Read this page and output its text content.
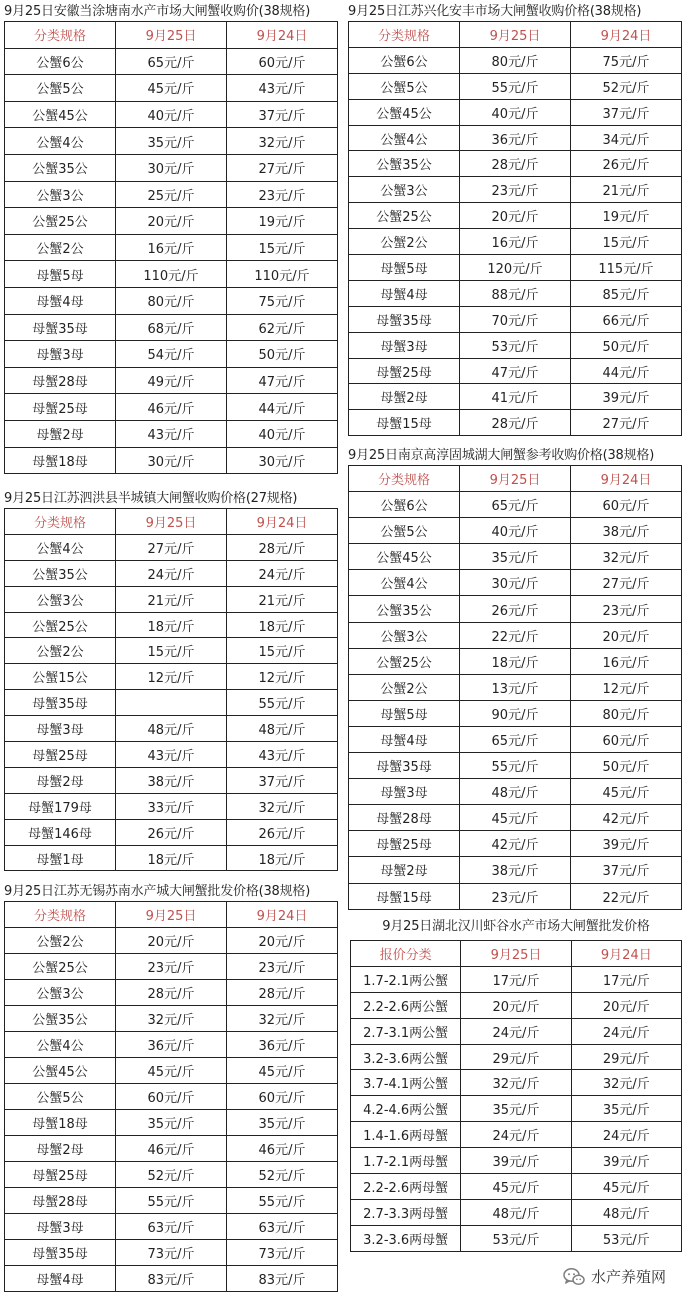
9月25日安徽当涂塘南水产市场大闸蟹收购价(38规格)
分类规格	9月25日	9月24日
公蟹6公	65元/斤	60元/斤
公蟹5公	45元/斤	43元/斤
公蟹45公	40元/斤	37元/斤
公蟹4公	35元/斤	32元/斤
公蟹35公	30元/斤	27元/斤
公蟹3公	25元/斤	23元/斤
公蟹25公	20元/斤	19元/斤
公蟹2公	16元/斤	15元/斤
母蟹5母	110元/斤	110元/斤
母蟹4母	80元/斤	75元/斤
母蟹35母	68元/斤	62元/斤
母蟹3母	54元/斤	50元/斤
母蟹28母	49元/斤	47元/斤
母蟹25母	46元/斤	44元/斤
母蟹2母	43元/斤	40元/斤
母蟹18母	30元/斤	30元/斤
9月25日江苏泗洪县半城镇大闸蟹收购价格(27规格)
分类规格	9月25日	9月24日
公蟹4公	27元/斤	28元/斤
公蟹35公	24元/斤	24元/斤
公蟹3公	21元/斤	21元/斤
公蟹25公	18元/斤	18元/斤
公蟹2公	15元/斤	15元/斤
公蟹15公	12元/斤	12元/斤
母蟹35母		55元/斤
母蟹3母	48元/斤	48元/斤
母蟹25母	43元/斤	43元/斤
母蟹2母	38元/斤	37元/斤
母蟹179母	33元/斤	32元/斤
母蟹146母	26元/斤	26元/斤
母蟹1母	18元/斤	18元/斤
9月25日江苏无锡苏南水产城大闸蟹批发价格(38规格)
分类规格	9月25日	9月24日
公蟹2公	20元/斤	20元/斤
公蟹25公	23元/斤	23元/斤
公蟹3公	28元/斤	28元/斤
公蟹35公	32元/斤	32元/斤
公蟹4公	36元/斤	36元/斤
公蟹45公	45元/斤	45元/斤
公蟹5公	60元/斤	60元/斤
母蟹18母	35元/斤	35元/斤
母蟹2母	46元/斤	46元/斤
母蟹25母	52元/斤	52元/斤
母蟹28母	55元/斤	55元/斤
母蟹3母	63元/斤	63元/斤
母蟹35母	73元/斤	73元/斤
母蟹4母	83元/斤	83元/斤
9月25日江苏兴化安丰市场大闸蟹收购价格(38规格)
分类规格	9月25日	9月24日
公蟹6公	80元/斤	75元/斤
公蟹5公	55元/斤	52元/斤
公蟹45公	40元/斤	37元/斤
公蟹4公	36元/斤	34元/斤
公蟹35公	28元/斤	26元/斤
公蟹3公	23元/斤	21元/斤
公蟹25公	20元/斤	19元/斤
公蟹2公	16元/斤	15元/斤
母蟹5母	120元/斤	115元/斤
母蟹4母	88元/斤	85元/斤
母蟹35母	70元/斤	66元/斤
母蟹3母	53元/斤	50元/斤
母蟹25母	47元/斤	44元/斤
母蟹2母	41元/斤	39元/斤
母蟹15母	28元/斤	27元/斤
9月25日南京高淳固城湖大闸蟹参考收购价格(38规格)
分类规格	9月25日	9月24日
公蟹6公	65元/斤	60元/斤
公蟹5公	40元/斤	38元/斤
公蟹45公	35元/斤	32元/斤
公蟹4公	30元/斤	27元/斤
公蟹35公	26元/斤	23元/斤
公蟹3公	22元/斤	20元/斤
公蟹25公	18元/斤	16元/斤
公蟹2公	13元/斤	12元/斤
母蟹5母	90元/斤	80元/斤
母蟹4母	65元/斤	60元/斤
母蟹35母	55元/斤	50元/斤
母蟹3母	48元/斤	45元/斤
母蟹28母	45元/斤	42元/斤
母蟹25母	42元/斤	39元/斤
母蟹2母	38元/斤	37元/斤
母蟹15母	23元/斤	22元/斤
9月25日湖北汉川虾谷水产市场大闸蟹批发价格
报价分类	9月25日	9月24日
1.7-2.1两公蟹	17元/斤	17元/斤
2.2-2.6两公蟹	20元/斤	20元/斤
2.7-3.1两公蟹	24元/斤	24元/斤
3.2-3.6两公蟹	29元/斤	29元/斤
3.7-4.1两公蟹	32元/斤	32元/斤
4.2-4.6两公蟹	35元/斤	35元/斤
1.4-1.6两母蟹	24元/斤	24元/斤
1.7-2.1两母蟹	39元/斤	39元/斤
2.2-2.6两母蟹	45元/斤	45元/斤
2.7-3.3两母蟹	48元/斤	48元/斤
3.2-3.6两母蟹	53元/斤	53元/斤
水产养殖网
